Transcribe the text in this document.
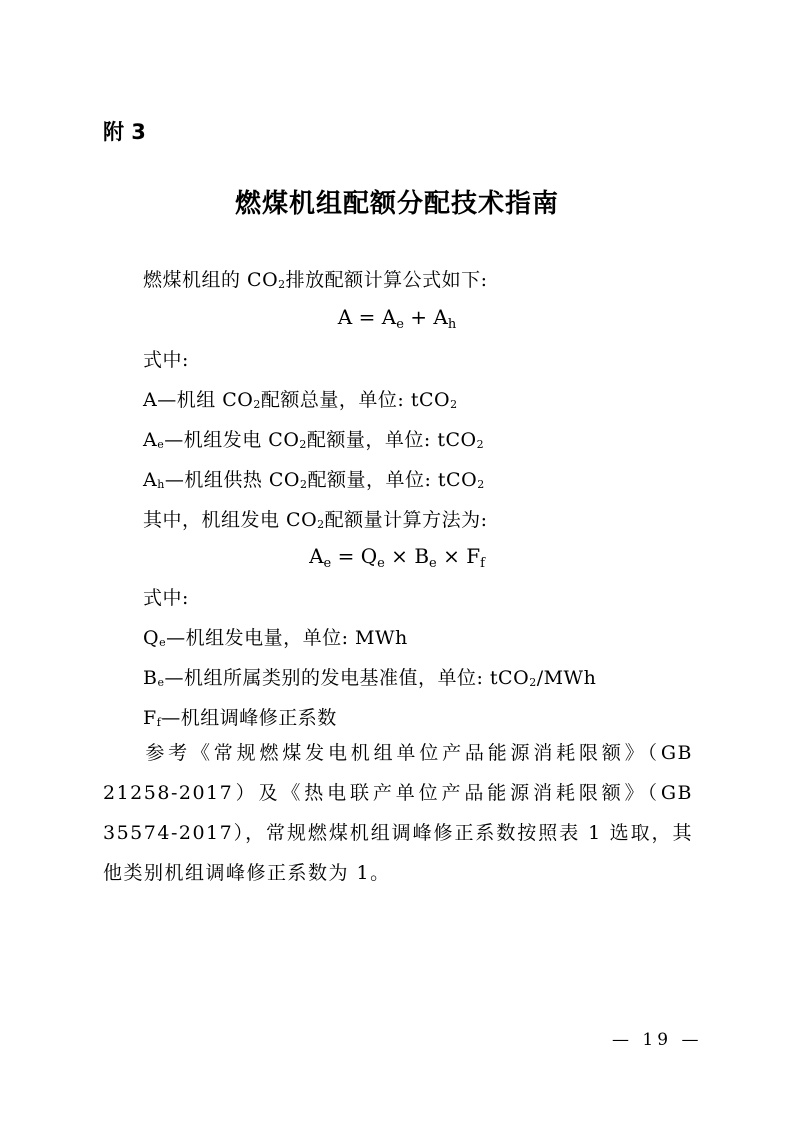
附 3
燃煤机组配额分配技术指南
燃煤机组的 CO2排放配额计算公式如下:
$A = A_e + A_h$
式中:
A—机组 CO2配额总量，单位: tCO2
Ae—机组发电 CO2配额量，单位: tCO2
Ah—机组供热 CO2配额量，单位: tCO2
其中，机组发电 CO2配额量计算方法为:
$A_e = Q_e \times B_e \times F_f$
式中:
Qe—机组发电量，单位: MWh
Be—机组所属类别的发电基准值，单位: tCO2/MWh
Ff—机组调峰修正系数
参考《常规燃煤发电机组单位产品能源消耗限额》（GB 21258-2017）及《热电联产单位产品能源消耗限额》（GB 35574-2017），常规燃煤机组调峰修正系数按照表 1 选取，其他类别机组调峰修正系数为 1。
— 19 —
